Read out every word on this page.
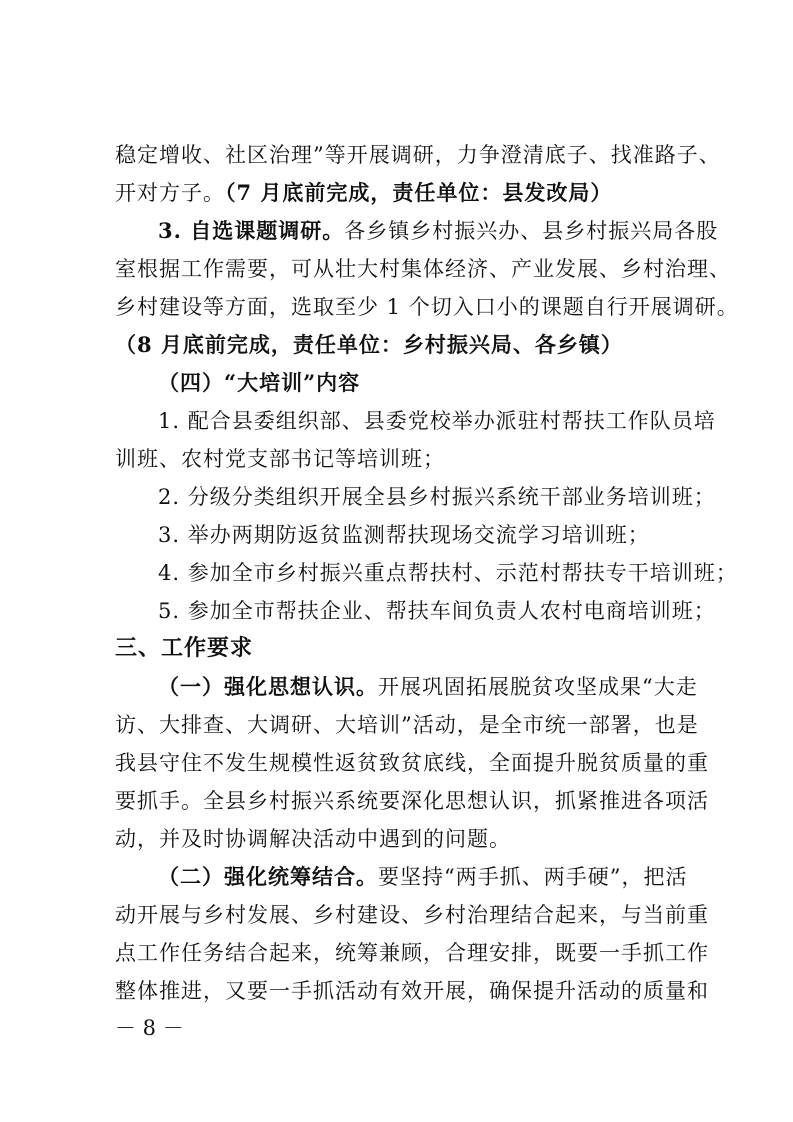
稳定增收、社区治理”等开展调研，力争澄清底子、找准路子、
开对方子。（7 月底前完成，责任单位：县发改局）
3. 自选课题调研。各乡镇乡村振兴办、县乡村振兴局各股
室根据工作需要，可从壮大村集体经济、产业发展、乡村治理、
乡村建设等方面，选取至少 1 个切入口小的课题自行开展调研。
（8 月底前完成，责任单位：乡村振兴局、各乡镇）
（四）“大培训”内容
1. 配合县委组织部、县委党校举办派驻村帮扶工作队员培
训班、农村党支部书记等培训班；
2. 分级分类组织开展全县乡村振兴系统干部业务培训班；
3. 举办两期防返贫监测帮扶现场交流学习培训班；
4. 参加全市乡村振兴重点帮扶村、示范村帮扶专干培训班；
5. 参加全市帮扶企业、帮扶车间负责人农村电商培训班；
三、工作要求
（一）强化思想认识。开展巩固拓展脱贫攻坚成果“大走
访、大排查、大调研、大培训”活动，是全市统一部署，也是
我县守住不发生规模性返贫致贫底线，全面提升脱贫质量的重
要抓手。全县乡村振兴系统要深化思想认识，抓紧推进各项活
动，并及时协调解决活动中遇到的问题。
（二）强化统筹结合。要坚持“两手抓、两手硬”，把活
动开展与乡村发展、乡村建设、乡村治理结合起来，与当前重
点工作任务结合起来，统筹兼顾，合理安排，既要一手抓工作
整体推进，又要一手抓活动有效开展，确保提升活动的质量和
－ 8 －
